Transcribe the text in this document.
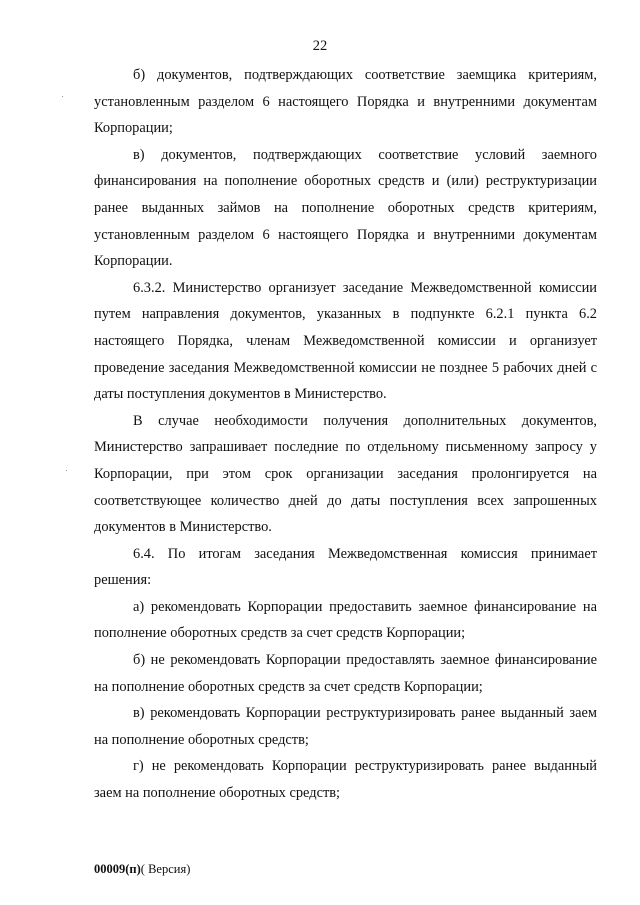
22

б) документов, подтверждающих соответствие заемщика критериям, установленным разделом 6 настоящего Порядка и внутренними документам Корпорации;

в) документов, подтверждающих соответствие условий заемного финансирования на пополнение оборотных средств и (или) реструктуризации ранее выданных займов на пополнение оборотных средств критериям, установленным разделом 6 настоящего Порядка и внутренними документам Корпорации.

6.3.2. Министерство организует заседание Межведомственной комиссии путем направления документов, указанных в подпункте 6.2.1 пункта 6.2 настоящего Порядка, членам Межведомственной комиссии и организует проведение заседания Межведомственной комиссии не позднее 5 рабочих дней с даты поступления документов в Министерство.

В случае необходимости получения дополнительных документов, Министерство запрашивает последние по отдельному письменному запросу у Корпорации, при этом срок организации заседания пролонгируется на соответствующее количество дней до даты поступления всех запрошенных документов в Министерство.

6.4. По итогам заседания Межведомственная комиссия принимает решения:

а) рекомендовать Корпорации предоставить заемное финансирование на пополнение оборотных средств за счет средств Корпорации;

б) не рекомендовать Корпорации предоставлять заемное финансирование на пополнение оборотных средств за счет средств Корпорации;

в) рекомендовать Корпорации реструктуризировать ранее выданный заем на пополнение оборотных средств;

г) не рекомендовать Корпорации реструктуризировать ранее выданный заем на пополнение оборотных средств;

00009(п)( Версия)
